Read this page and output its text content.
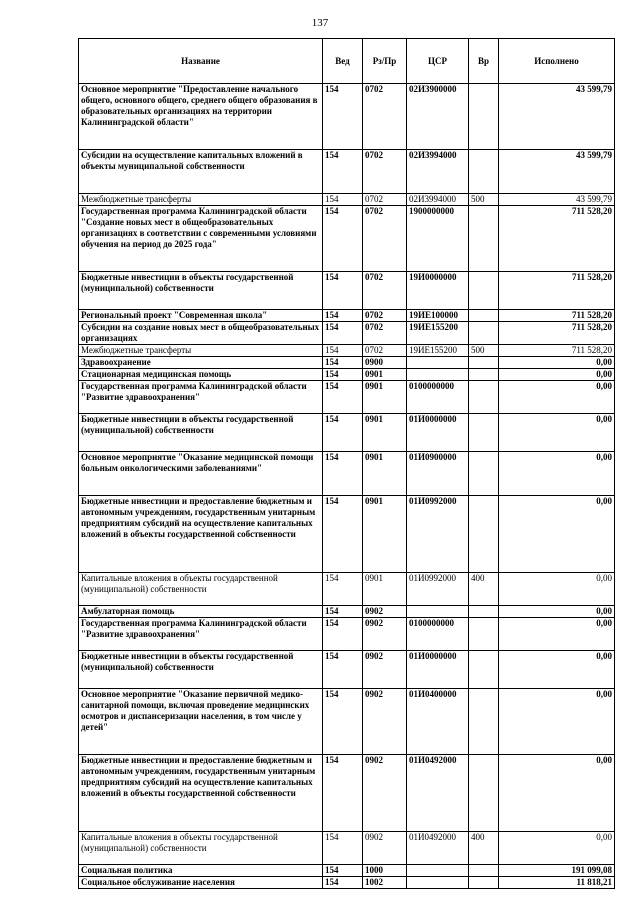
137
Название	Вед	Рз/Пр	ЦСР	Вр	Исполнено
Основное мероприятие "Предоставление начального общего, основного общего, среднего общего образования в образовательных организациях на территории Калининградской области"	154	0702	02И3900000		43 599,79
Субсидии на осуществление капитальных вложений в объекты муниципальной собственности	154	0702	02И3994000		43 599,79
Межбюджетные трансферты	154	0702	02И3994000	500	43 599,79
Государственная программа Калининградской области "Создание новых мест в общеобразовательных организациях в соответствии с современными условиями обучения на период до 2025 года"	154	0702	1900000000		711 528,20
Бюджетные инвестиции в объекты государственной (муниципальной) собственности	154	0702	19И0000000		711 528,20
Региональный проект "Современная школа"	154	0702	19ИЕ100000		711 528,20
Субсидии на создание новых мест в общеобразовательных организациях	154	0702	19ИЕ155200		711 528,20
Межбюджетные трансферты	154	0702	19ИЕ155200	500	711 528,20
Здравоохранение	154	0900			0,00
Стационарная медицинская помощь	154	0901			0,00
Государственная программа Калининградской области "Развитие здравоохранения"	154	0901	0100000000		0,00
Бюджетные инвестиции в объекты государственной (муниципальной) собственности	154	0901	01И0000000		0,00
Основное мероприятие "Оказание медицинской помощи больным онкологическими заболеваниями"	154	0901	01И0900000		0,00
Бюджетные инвестиции и предоставление бюджетным и автономным учреждениям, государственным унитарным предприятиям субсидий на осуществление капитальных вложений в объекты государственной собственности	154	0901	01И0992000		0,00
Капитальные вложения в объекты государственной (муниципальной) собственности	154	0901	01И0992000	400	0,00
Амбулаторная помощь	154	0902			0,00
Государственная программа Калининградской области "Развитие здравоохранения"	154	0902	0100000000		0,00
Бюджетные инвестиции в объекты государственной (муниципальной) собственности	154	0902	01И0000000		0,00
Основное мероприятие "Оказание первичной медико-санитарной помощи, включая проведение медицинских осмотров и диспансеризации населения, в том числе у детей"	154	0902	01И0400000		0,00
Бюджетные инвестиции и предоставление бюджетным и автономным учреждениям, государственным унитарным предприятиям субсидий на осуществление капитальных вложений в объекты государственной собственности	154	0902	01И0492000		0,00
Капитальные вложения в объекты государственной (муниципальной) собственности	154	0902	01И0492000	400	0,00
Социальная политика	154	1000			191 099,08
Социальное обслуживание населения	154	1002			11 818,21
